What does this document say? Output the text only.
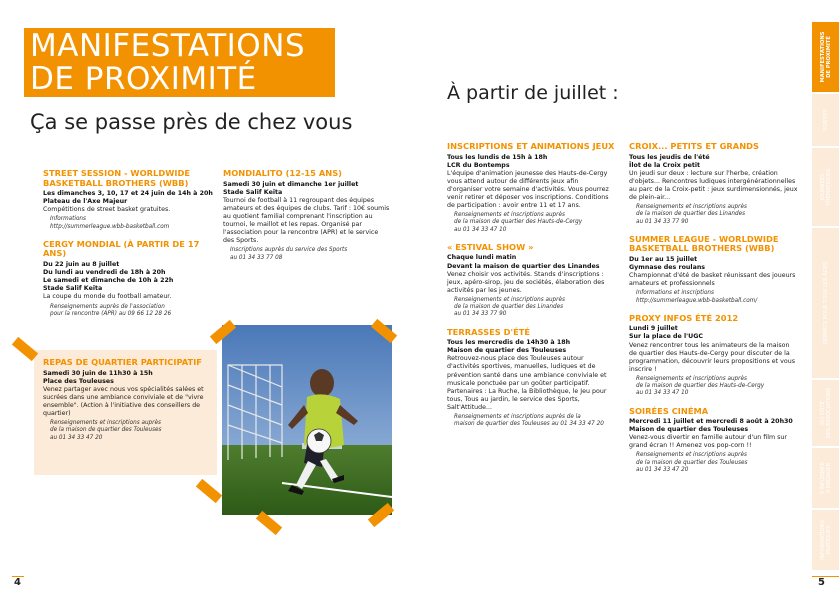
MANIFESTATIONS
DE PROXIMITÉ
Ça se passe près de chez vous
À partir de juillet :
STREET SESSION - WORLDWIDE BASKETBALL BROTHERS (WBB)
Les dimanches 3, 10, 17 et 24 juin de 14h à 20h
Plateau de l'Axe Majeur
Compétitions de street basket gratuites.
Informations
http://summerleague.wbb-basketball.com
CERGY MONDIAL (À PARTIR DE 17 ANS)
Du 22 juin au 8 juillet
Du lundi au vendredi de 18h à 20h
Le samedi et dimanche de 10h à 22h
Stade Salif Keïta
La coupe du monde du football amateur.
Renseignements auprès de l'association
pour la rencontre (APR) au 09 66 12 28 26
REPAS DE QUARTIER PARTICIPATIF
Samedi 30 juin de 11h30 à 15h
Place des Touleuses
Venez partager avec nous vos spécialités salées et sucrées dans une ambiance conviviale et de "vivre ensemble". (Action à l'initiative des conseillers de quartier)
Renseignements et inscriptions auprès
de la maison de quartier des Touleuses
au 01 34 33 47 20
MONDIALITO (12-15 ANS)
Samedi 30 juin et dimanche 1er juillet
Stade Salif Keïta
Tournoi de football à 11 regroupant des équipes amateurs et des équipes de clubs. Tarif : 10€ soumis au quotient familial comprenant l'inscription au tournoi, le maillot et les repas. Organisé par l'association pour la rencontre (APR) et le service des Sports.
Inscriptions auprès du service des Sports
au 01 34 33 77 08
INSCRIPTIONS ET ANIMATIONS JEUX
Tous les lundis de 15h à 18h
LCR du Bontemps
L'équipe d'animation jeunesse des Hauts-de-Cergy vous attend autour de différents jeux afin d'organiser votre semaine d'activités. Vous pourrez venir retirer et déposer vos inscriptions. Conditions de participation : avoir entre 11 et 17 ans.
Renseignements et inscriptions auprès
de la maison de quartier des Hauts-de-Cergy
au 01 34 33 47 10
« ESTIVAL SHOW »
Chaque lundi matin
Devant la maison de quartier des Linandes
Venez choisir vos activités. Stands d'inscriptions : jeux, apéro-sirop, jeu de sociétés, élaboration des activités par les jeunes.
Renseignements et inscriptions auprès
de la maison de quartier des Linandes
au 01 34 33 77 90
TERRASSES D'ÉTÉ
Tous les mercredis de 14h30 à 18h
Maison de quartier des Touleuses
Retrouvez-nous place des Touleuses autour d'activités sportives, manuelles, ludiques et de prévention santé dans une ambiance conviviale et musicale ponctuée par un goûter participatif. Partenaires : La Ruche, la Bibliothèque, le Jeu pour tous, Tous au jardin, le service des Sports, Salt'Attitude...
Renseignements et inscriptions auprès de la
maison de quartier des Touleuses au 01 34 33 47 20
CROIX... PETITS ET GRANDS
Tous les jeudis de l'été
Îlot de la Croix petit
Un jeudi sur deux : lecture sur l'herbe, création d'objets... Rencontres ludiques intergénérationnelles au parc de la Croix-petit : jeux surdimensionnés, jeux de plein-air...
Renseignements et inscriptions auprès
de la maison de quartier des Linandes
au 01 34 33 77 90
SUMMER LEAGUE - WORLDWIDE BASKETBALL BROTHERS (WBB)
Du 1er au 15 juillet
Gymnase des roulans
Championnat d'été de basket réunissant des joueurs amateurs et professionnels
Informations et inscriptions
http://summerleague.wbb-basketball.com/
PROXY INFOS ÉTÉ 2012
Lundi 9 juillet
Sur la place de l'UGC
Venez rencontrer tous les animateurs de la maison de quartier des Hauts-de-Cergy pour discuter de la programmation, découvrir leurs propositions et vous inscrire !
Renseignements et inscriptions auprès
de la maison de quartier des Hauts-de-Cergy
au 01 34 33 47 10
SOIRÉES CINÉMA
Mercredi 11 juillet et mercredi 8 août à 20h30
Maison de quartier des Touleuses
Venez-vous divertir en famille autour d'un film sur grand écran !! Amenez vos pop-corn !!
Renseignements et inscriptions auprès
de la maison de quartier des Touleuses
au 01 34 33 47 20
MANIFESTATIONS
DE PROXIMITÉ
SORTIES

JOURNÉES
THÉMATIQUES
DÉPARTS POUR TOUS LES ÂGES

DU CÔTÉ
DES ASSOCIATIONS
S'INFORMER
S'ENGAGER
INFORMATIONS
PRATIQUES
4	5
